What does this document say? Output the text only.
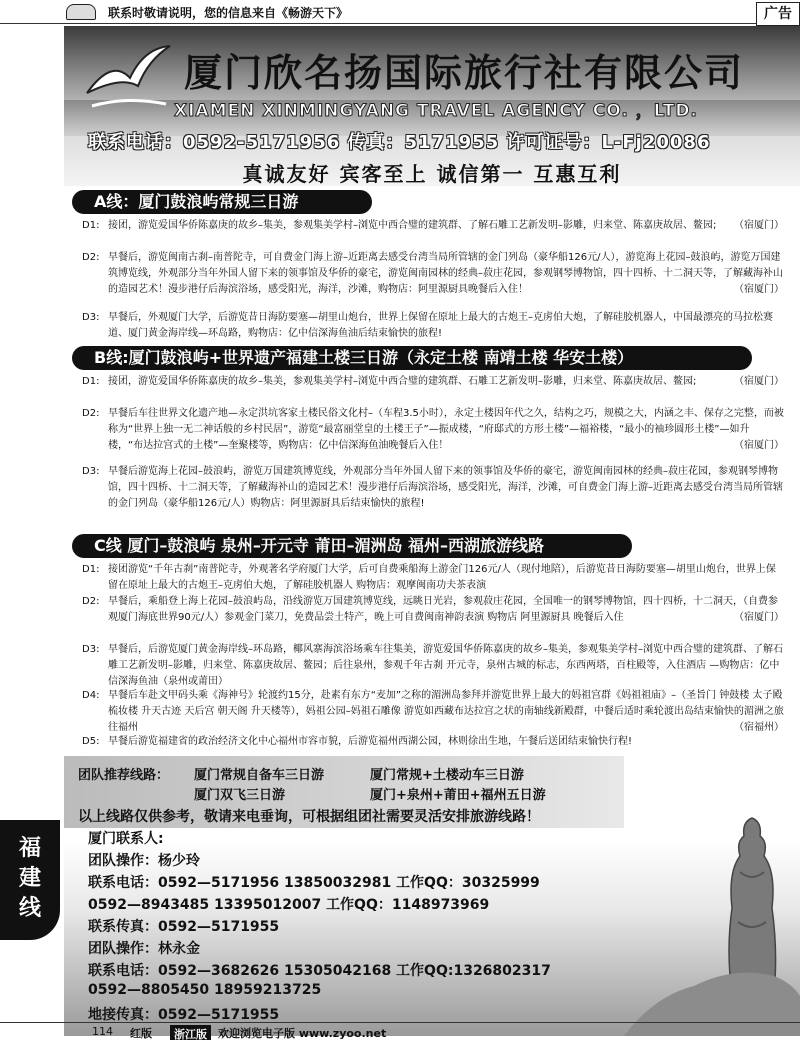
联系时敬请说明，您的信息来自《畅游天下》	广告
厦门欣名扬国际旅行社有限公司
XIAMEN XINMINGYANG TRAVEL AGENCY CO. ，LTD.
联系电话：0592-5171956 传真：5171955 许可证号：L-Fj20086
真诚友好 宾客至上 诚信第一 互惠互利
A线：厦门鼓浪屿常规三日游
D1: 接团，游览爱国华侨陈嘉庚的故乡–集美，参观集美学村–浏览中西合璧的建筑群、了解石雕工艺新发明–影雕，归来堂、陈嘉庚故居、鳌园;	（宿厦门）
D2: 早餐后，游览闽南古刹–南普陀寺，可自费金门海上游–近距离去感受台湾当局所管辖的金门列岛（豪华船126元/人），游览海上花园–鼓浪屿，游览万国建筑博览线，外观部分当年外国人留下来的领事馆及华侨的豪宅，游览闽南园林的经典–菽庄花园，参观钢琴博物馆，四十四桥、十二洞天等，了解藏海补山的造园艺术！漫步港仔后海滨浴场，感受阳光，海洋，沙滩，购物店：阿里源厨具晚餐后入住！	（宿厦门）
D3: 早餐后，外观厦门大学，后游览昔日海防要塞—胡里山炮台，世界上保留在原址上最大的古炮王–克虏伯大炮，了解硅胶机器人，中国最漂亮的马拉松赛道、厦门黄金海岸线—环岛路，购物店：亿中信深海鱼油后结束愉快的旅程!
B线:厦门鼓浪屿+世界遗产福建土楼三日游（永定土楼 南靖土楼 华安土楼）
D1: 接团，游览爱国华侨陈嘉庚的故乡–集美，参观集美学村–浏览中西合璧的建筑群、石雕工艺新发明–影雕，归来堂、陈嘉庚故居、鳌园;	（宿厦门）
D2: 早餐后车往世界文化遗产地—永定洪坑客家土楼民俗文化村–（车程3.5小时），永定土楼因年代之久，结构之巧，规模之大，内涵之丰、保存之完整，而被称为“世界上独一无二神话般的乡村民居”，游览“最富丽堂皇的土楼王子”—振成楼，“府邸式的方形土楼”—福裕楼，“最小的袖珍圆形土楼”—如升楼，“布达拉宫式的土楼”—奎聚楼等，购物店：亿中信深海鱼油晚餐后入住！	（宿厦门）
D3: 早餐后游览海上花园–鼓浪屿，游览万国建筑博览线，外观部分当年外国人留下来的领事馆及华侨的豪宅，游览闽南园林的经典–菽庄花园，参观钢琴博物馆，四十四桥、十二洞天等，了解藏海补山的造园艺术！漫步港仔后海滨浴场，感受阳光，海洋，沙滩，可自费金门海上游–近距离去感受台湾当局所管辖的金门列岛（豪华船126元/人）购物店：阿里源厨具后结束愉快的旅程!
C线 厦门–鼓浪屿 泉州–开元寺 莆田–湄洲岛 福州–西湖旅游线路
D1: 接团游览“千年古刹”南普陀寺，外观著名学府厦门大学，后可自费乘船海上游金门126元/人（现付地陪），后游览昔日海防要塞—胡里山炮台，世界上保留在原址上最大的古炮王–克虏伯大炮，了解硅胶机器人 购物店：观摩闽南功夫茶表演
D2: 早餐后，乘船登上海上花园–鼓浪屿岛，沿线游览万国建筑博览线，远眺日光岩，参观菽庄花园，全国唯一的钢琴博物馆，四十四桥，十二洞天，（自费参观厦门海底世界90元/人）参观金门菜刀，免费品尝土特产，晚上可自费闽南神韵表演 购物店 阿里源厨具 晚餐后入住	（宿厦门）
D3: 早餐后，后游览厦门黄金海岸线–环岛路，椰风寨海滨浴场乘车往集美，游览爱国华侨陈嘉庚的故乡–集美，参观集美学村–浏览中西合璧的建筑群、了解石雕工艺新发明–影雕，归来堂、陈嘉庚故居、鳌园；后往泉州，参观千年古刹 开元寺，泉州古城的标志，东西两塔，百柱殿等，入住酒店 —购物店：亿中信深海鱼油（泉州或莆田）
D4: 早餐后车赴文甲码头乘《海神号》轮渡约15分，赴素有东方“麦加”之称的湄洲岛参拜并游览世界上最大的妈祖宫群《妈祖祖庙》–（圣旨门 钟鼓楼 太子殿梳妆楼 升天古迹 天后宫 朝天阁 升天楼等），妈祖公园–妈祖石雕像 游览如西藏布达拉宫之状的南轴线新殿群，中餐后适时乘轮渡出岛结束愉快的湄洲之旅往福州	（宿福州）
D5: 早餐后游览福建省的政治经济文化中心福州市容市貌，后游览福州西湖公园，林则徐出生地，午餐后送团结束愉快行程!
团队推荐线路： 厦门常规自备车三日游	厦门常规+土楼动车三日游
厦门双飞三日游	厦门+泉州+莆田+福州五日游
以上线路仅供参考，敬请来电垂询，可根据组团社需要灵活安排旅游线路！
厦门联系人:
团队操作：杨少玲
联系电话：0592—5171956 13850032981 工作QQ：30325999
0592—8943485 13395012007 工作QQ：1148973969
联系传真：0592—5171955
团队操作：林永金
联系电话：0592—3682626 15305042168 工作QQ:1326802317
0592—8805450 18959213725
地接传真：0592—5171955
福
建
线
114 红版	浙江版	欢迎浏览电子版 www.zyoo.net
